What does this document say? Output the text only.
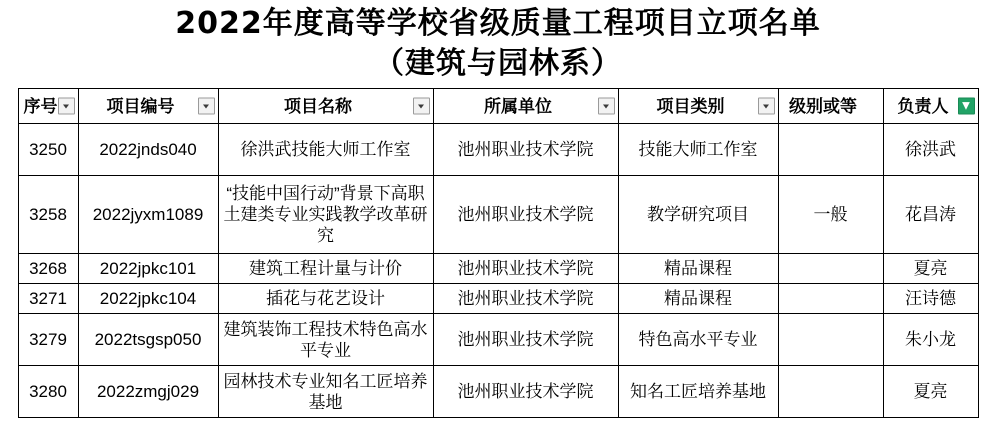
2022年度高等学校省级质量工程项目立项名单
（建筑与园林系）
序号	项目编号	项目名称	所属单位	项目类别	级别或等	负责人 ▼

3250	2022jnds040	徐洪武技能大师工作室	池州职业技术学院	技能大师工作室		徐洪武
3258	2022jyxm1089	“技能中国行动”背景下高职土建类专业实践教学改革研究	池州职业技术学院	教学研究项目	一般	花昌涛
3268	2022jpkc101	建筑工程计量与计价	池州职业技术学院	精品课程		夏亮
3271	2022jpkc104	插花与花艺设计	池州职业技术学院	精品课程		汪诗德
3279	2022tsgsp050	建筑装饰工程技术特色高水平专业	池州职业技术学院	特色高水平专业		朱小龙
3280	2022zmgj029	园林技术专业知名工匠培养基地	池州职业技术学院	知名工匠培养基地		夏亮
